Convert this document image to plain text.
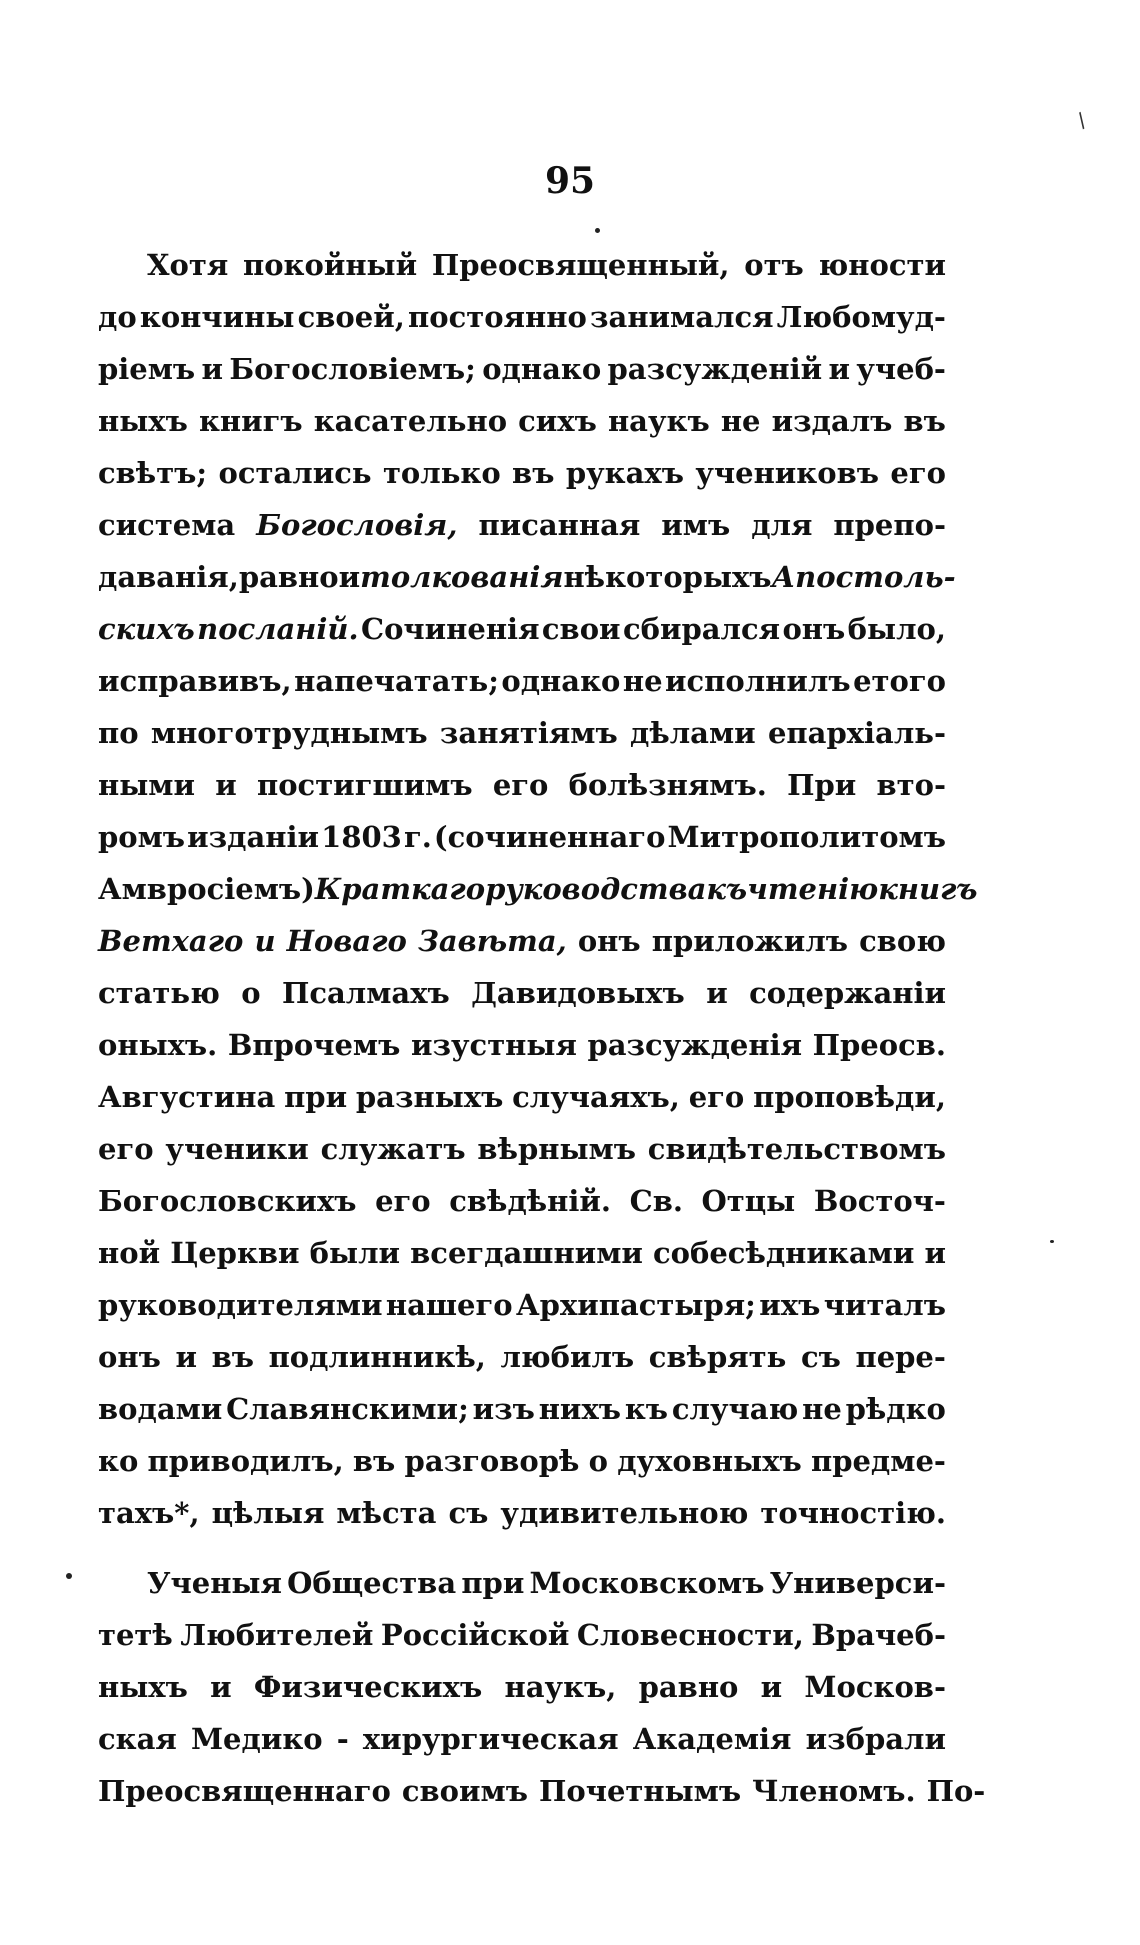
95
/
Хотя покойный Преосвященный, отъ юности
до кончины своей, постоянно занимался Любомуд-
ріемъ и Богословіемъ; однако разсужденій и учеб-
ныхъ книгъ касательно сихъ наукъ не издалъ въ
свѣтъ; остались только въ рукахъ учениковъ его
система Богословія, писанная имъ для препо-
даванія, равно и толкованія нѣкоторыхъ Апостоль-
скихъ посланій. Сочиненія свои сбирался онъ было,
исправивъ, напечатать; однако не исполнилъ етого
по многотруднымъ занятіямъ дѣлами епархіаль-
ными и постигшимъ его болѣзнямъ. При вто-
ромъ изданіи 1803 г. (сочиненнаго Митрополитомъ
Амвросіемъ) Краткаго руководства къ чтенію книгъ
Ветхаго и Новаго Завѣта, онъ приложилъ свою
статью о Псалмахъ Давидовыхъ и содержаніи
оныхъ. Впрочемъ изустныя разсужденія Преосв.
Августина при разныхъ случаяхъ, его проповѣди,
его ученики служатъ вѣрнымъ свидѣтельствомъ
Богословскихъ его свѣдѣній. Св. Отцы Восточ-
ной Церкви были всегдашними собесѣдниками и
руководителями нашего Архипастыря; ихъ читалъ
онъ и въ подлинникѣ, любилъ свѣрять съ пере-
водами Славянскими; изъ нихъ къ случаю не рѣдко
ко приводилъ, въ разговорѣ о духовныхъ предме-
тахъ*, цѣлыя мѣста съ удивительною точностію.
Ученыя Общества при Московскомъ Универси-
тетѣ Любителей Россійской Словесности, Врачеб-
ныхъ и Физическихъ наукъ, равно и Москов-
ская Медико - хирургическая Академія избрали
Преосвященнаго своимъ Почетнымъ Членомъ. По-
